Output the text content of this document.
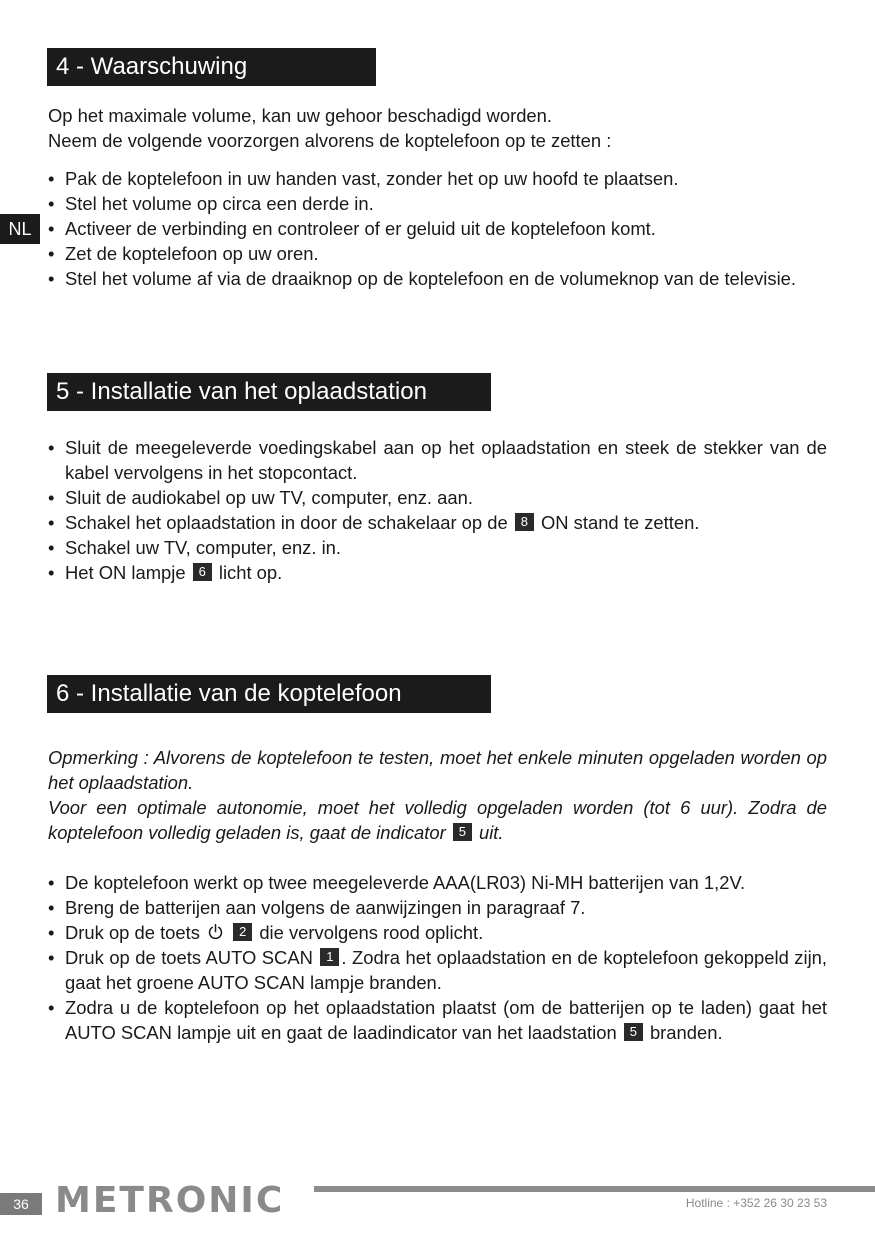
NL
4 - Waarschuwing

Op het maximale volume, kan uw gehoor beschadigd worden.
Neem de volgende voorzorgen alvorens de koptelefoon op te zetten :

• Pak de koptelefoon in uw handen vast, zonder het op uw hoofd te plaatsen.
• Stel het volume op circa een derde in.
• Activeer de verbinding en controleer of er geluid uit de koptelefoon komt.
• Zet de koptelefoon op uw oren.
• Stel het volume af via de draaiknop op de koptelefoon en de volumeknop van de televisie.
5 - Installatie van het oplaadstation
• Sluit de meegeleverde voedingskabel aan op het oplaadstation en steek de stekker van de kabel vervolgens in het stopcontact.
• Sluit de audiokabel op uw TV, computer, enz. aan.
• Schakel het oplaadstation in door de schakelaar op de 8 ON stand te zetten.
• Schakel uw TV, computer, enz. in.
• Het ON lampje 6 licht op.
6 - Installatie van de koptelefoon
Opmerking : Alvorens de koptelefoon te testen, moet het enkele minuten opgeladen worden op het oplaadstation.
Voor een optimale autonomie, moet het volledig opgeladen worden (tot 6 uur). Zodra de koptelefoon volledig geladen is, gaat de indicator 5 uit.
• De koptelefoon werkt op twee meegeleverde AAA(LR03) Ni-MH batterijen van 1,2V.
• Breng de batterijen aan volgens de aanwijzingen in paragraaf 7.
• Druk op de toets	2 die vervolgens rood oplicht.
• Druk op de toets AUTO SCAN 1 . Zodra het oplaadstation en de koptelefoon gekoppeld zijn, gaat het groene AUTO SCAN lampje branden.
• Zodra u de koptelefoon op het oplaadstation plaatst (om de batterijen op te laden) gaat het AUTO SCAN lampje uit en gaat de laadindicator van het laadstation 5 branden.
36 METRONIC	Hotline : +352 26 30 23 53
